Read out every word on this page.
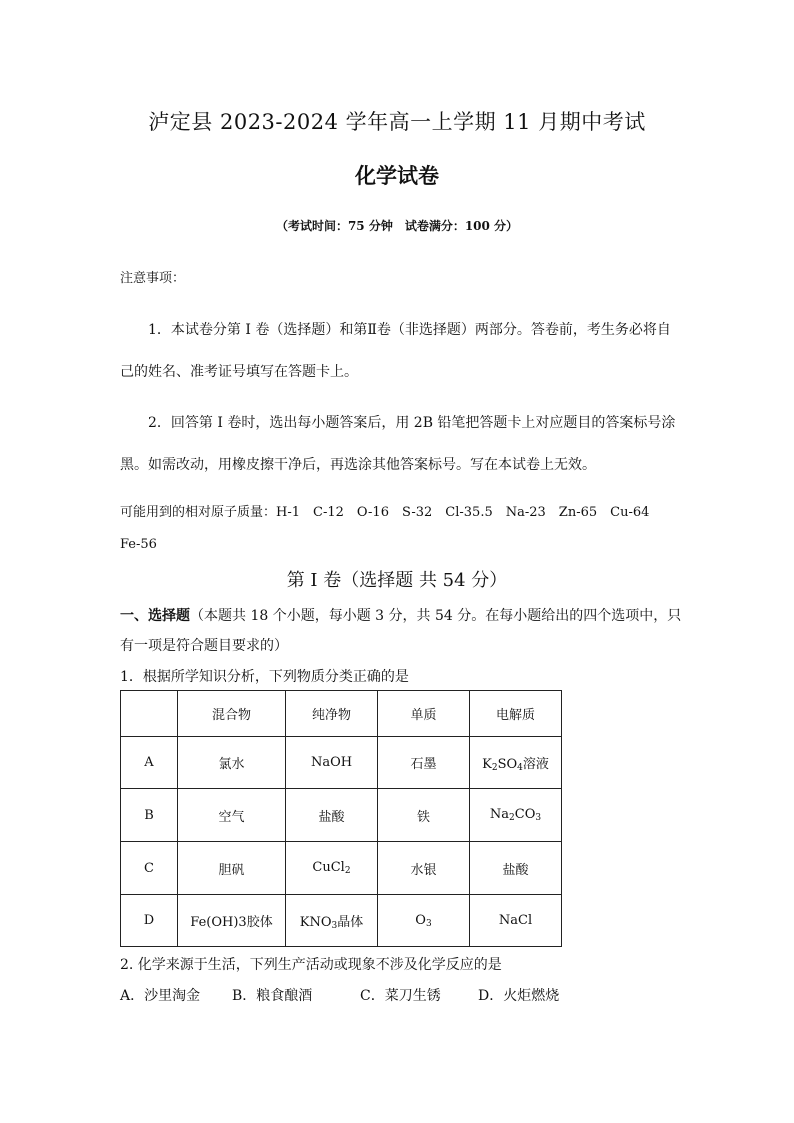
泸定县 2023-2024 学年高一上学期 11 月期中考试
化学试卷
（考试时间：75 分钟　试卷满分：100 分）
注意事项：
1．本试卷分第 I 卷（选择题）和第Ⅱ卷（非选择题）两部分。答卷前，考生务必将自
己的姓名、准考证号填写在答题卡上。
2．回答第 I 卷时，选出每小题答案后，用 2B 铅笔把答题卡上对应题目的答案标号涂
黑。如需改动，用橡皮擦干净后，再选涂其他答案标号。写在本试卷上无效。
可能用到的相对原子质量：H-1　C-12　O-16　S-32　Cl-35.5　Na-23　Zn-65　Cu-64
Fe-56
第 I 卷（选择题 共 54 分）
一、选择题（本题共 18 个小题，每小题 3 分，共 54 分。在每小题给出的四个选项中，只
有一项是符合题目要求的）
1．根据所学知识分析，下列物质分类正确的是
	混合物	纯净物	单质	电解质
A	氯水	NaOH	石墨	$K_2SO_4$溶液
B	空气	盐酸	铁	$Na_2CO_3$
C	胆矾	CuCl$_2$	水银	盐酸
D	Fe(OH)3胶体	$KNO_3$晶体	$O_3$	NaCl
2. 化学来源于生活，下列生产活动或现象不涉及化学反应的是
A．沙里淘金 B．粮食酿酒	C．菜刀生锈	D．火炬燃烧
